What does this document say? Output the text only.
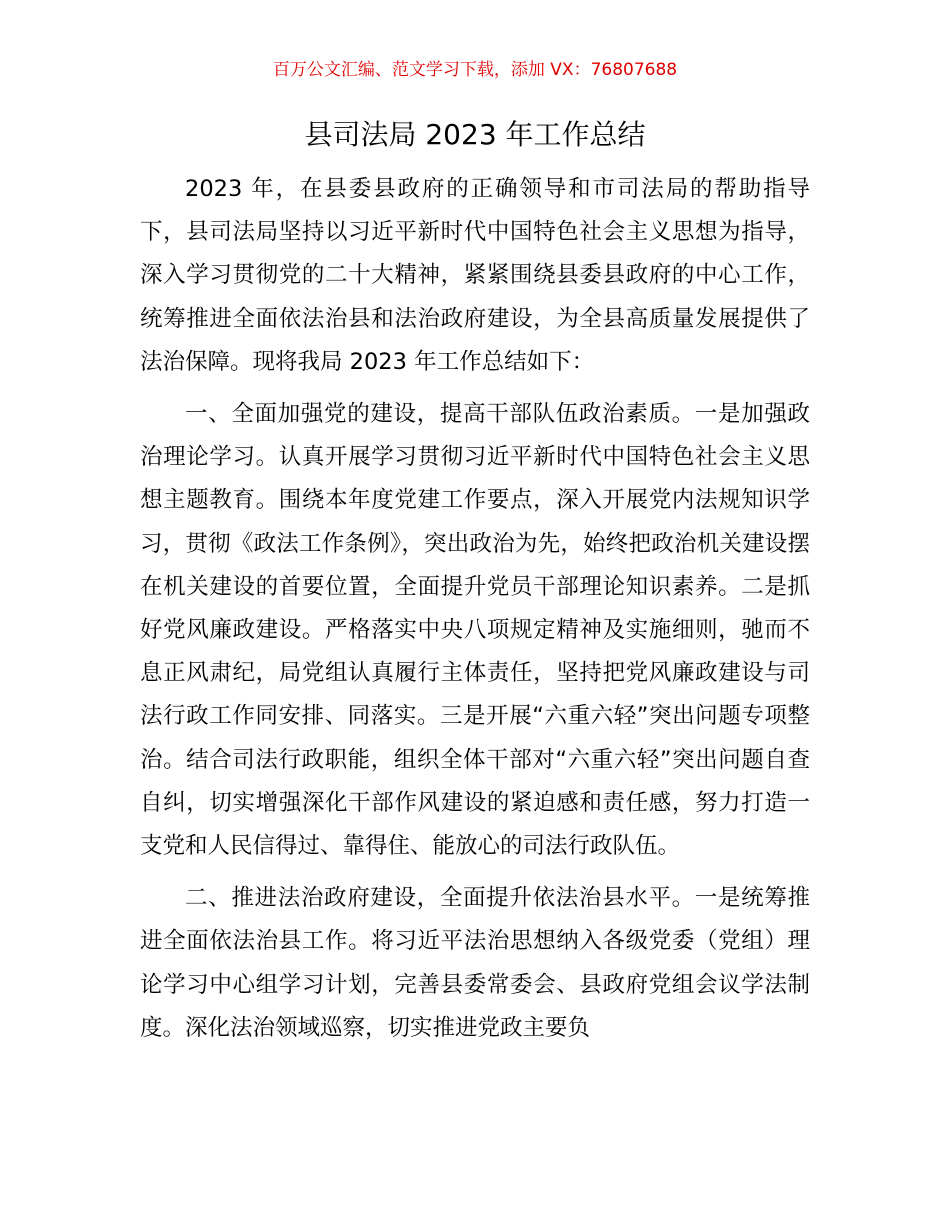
百万公文汇编、范文学习下载，添加 VX：76807688
县司法局 2023 年工作总结

2023 年，在县委县政府的正确领导和市司法局的帮助指导下，县司法局坚持以习近平新时代中国特色社会主义思想为指导，深入学习贯彻党的二十大精神，紧紧围绕县委县政府的中心工作，统筹推进全面依法治县和法治政府建设，为全县高质量发展提供了法治保障。现将我局 2023 年工作总结如下：

一、全面加强党的建设，提高干部队伍政治素质。一是加强政治理论学习。认真开展学习贯彻习近平新时代中国特色社会主义思想主题教育。围绕本年度党建工作要点，深入开展党内法规知识学习，贯彻《政法工作条例》，突出政治为先，始终把政治机关建设摆在机关建设的首要位置，全面提升党员干部理论知识素养。二是抓好党风廉政建设。严格落实中央八项规定精神及实施细则，驰而不息正风肃纪，局党组认真履行主体责任，坚持把党风廉政建设与司法行政工作同安排、同落实。三是开展“六重六轻”突出问题专项整治。结合司法行政职能，组织全体干部对“六重六轻”突出问题自查自纠，切实增强深化干部作风建设的紧迫感和责任感，努力打造一支党和人民信得过、靠得住、能放心的司法行政队伍。

二、推进法治政府建设，全面提升依法治县水平。一是统筹推进全面依法治县工作。将习近平法治思想纳入各级党委（党组）理论学习中心组学习计划，完善县委常委会、县政府党组会议学法制度。深化法治领域巡察，切实推进党政主要负
